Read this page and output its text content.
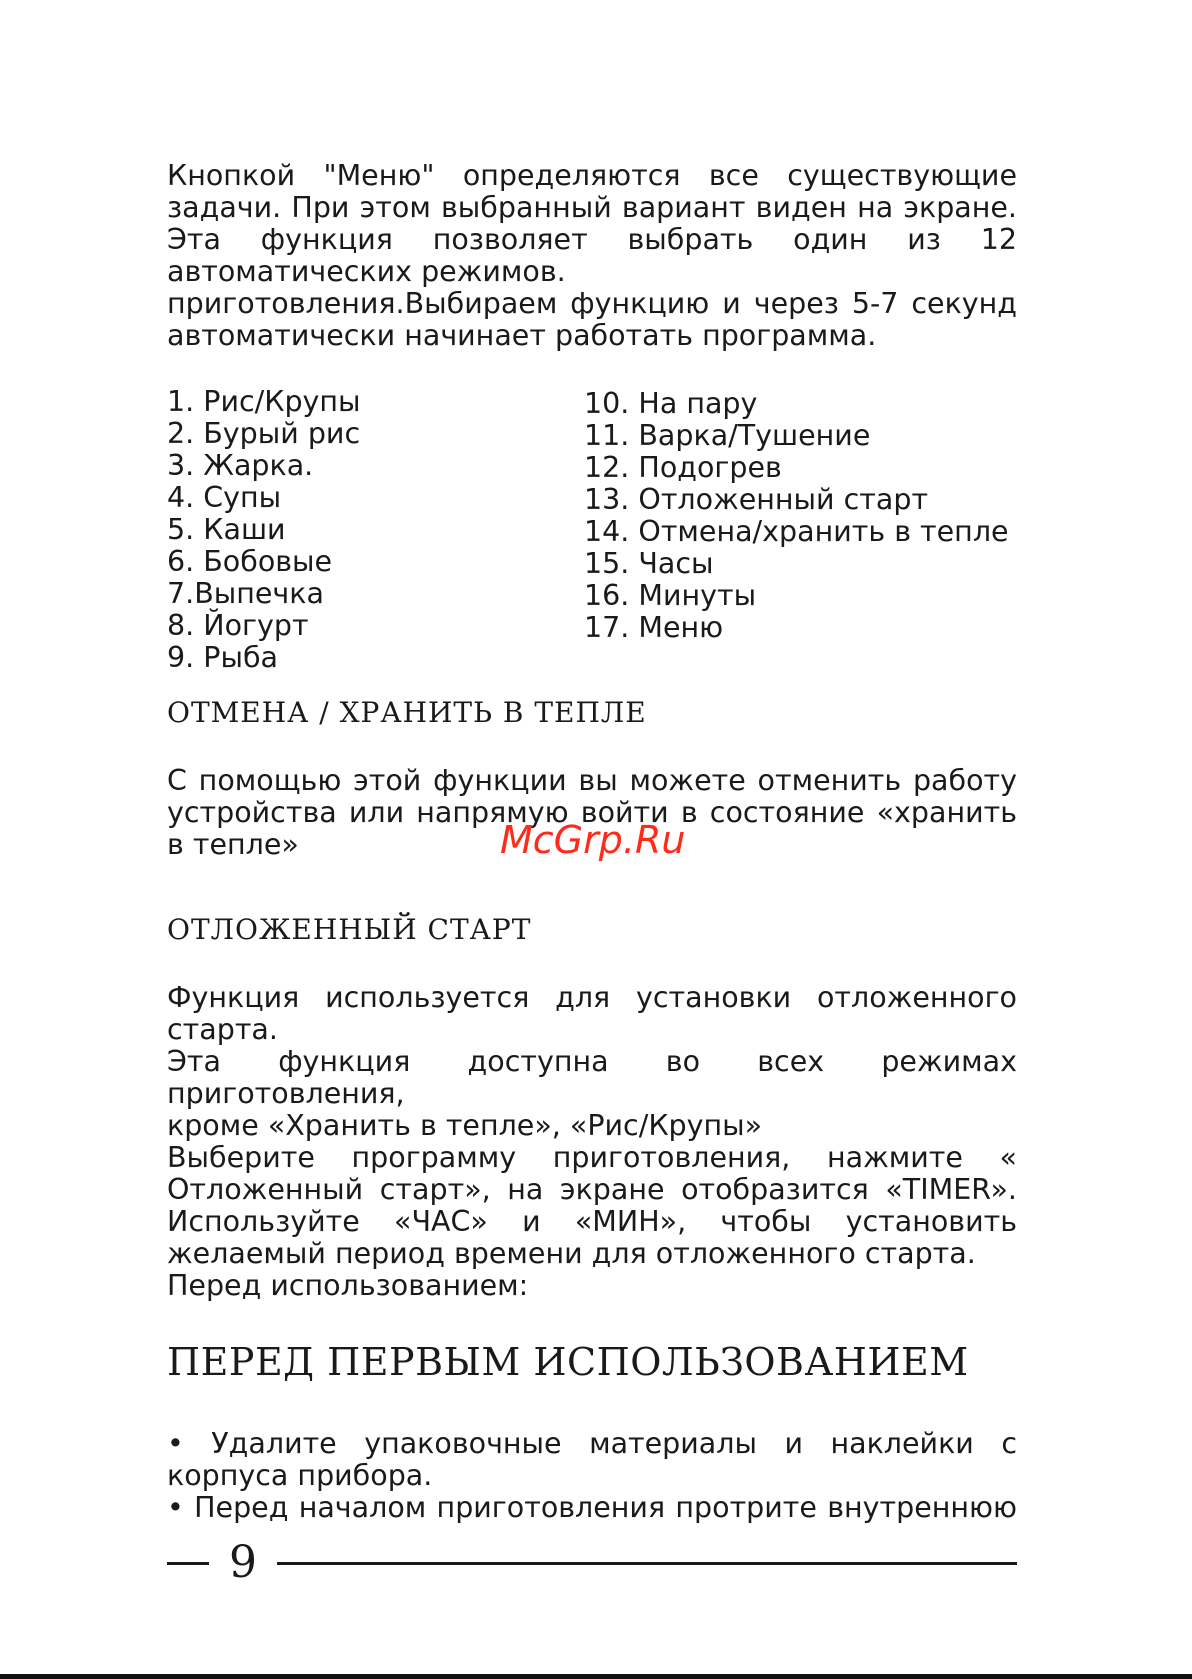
Кнопкой "Меню" определяются все существующие

задачи. При этом выбранный вариант виден на экране.

Эта функция позволяет выбрать один из 12

автоматических режимов.

приготовления.Выбираем функцию и через 5-7 секунд

автоматически начинает работать программа.

1. Рис/Крупы
2. Бурый рис
3. Жарка.
4. Супы
5. Каши
6. Бобовые
7.Выпечка
8. Йогурт
9. Рыба
10. На пару
11. Варка/Тушение
12. Подогрев
13. Отложенный старт
14. Отмена/хранить в тепле
15. Часы
16. Минуты
17. Меню
ОТМЕНА / ХРАНИТЬ В ТЕПЛЕ

С помощью этой функции вы можете отменить работу

устройства или напрямую войти в состояние «хранить

в тепле»

ОТЛОЖЕННЫЙ СТАРТ

Функция используется для установки отложенного

старта.

Эта функция доступна во всех режимах приготовления,

кроме «Хранить в тепле», «Рис/Крупы»

Выберите программу приготовления, нажмите «

Отложенный старт», на экране отобразится «TIMER».

Используйте «ЧАС» и «МИН», чтобы установить

желаемый период времени для отложенного старта.

Перед использованием:

ПЕРЕД ПЕРВЫМ ИСПОЛЬЗОВАНИЕМ

• Удалите упаковочные материалы и наклейки с

корпуса прибора.

• Перед началом приготовления протрите внутреннюю

McGrp.Ru
9
